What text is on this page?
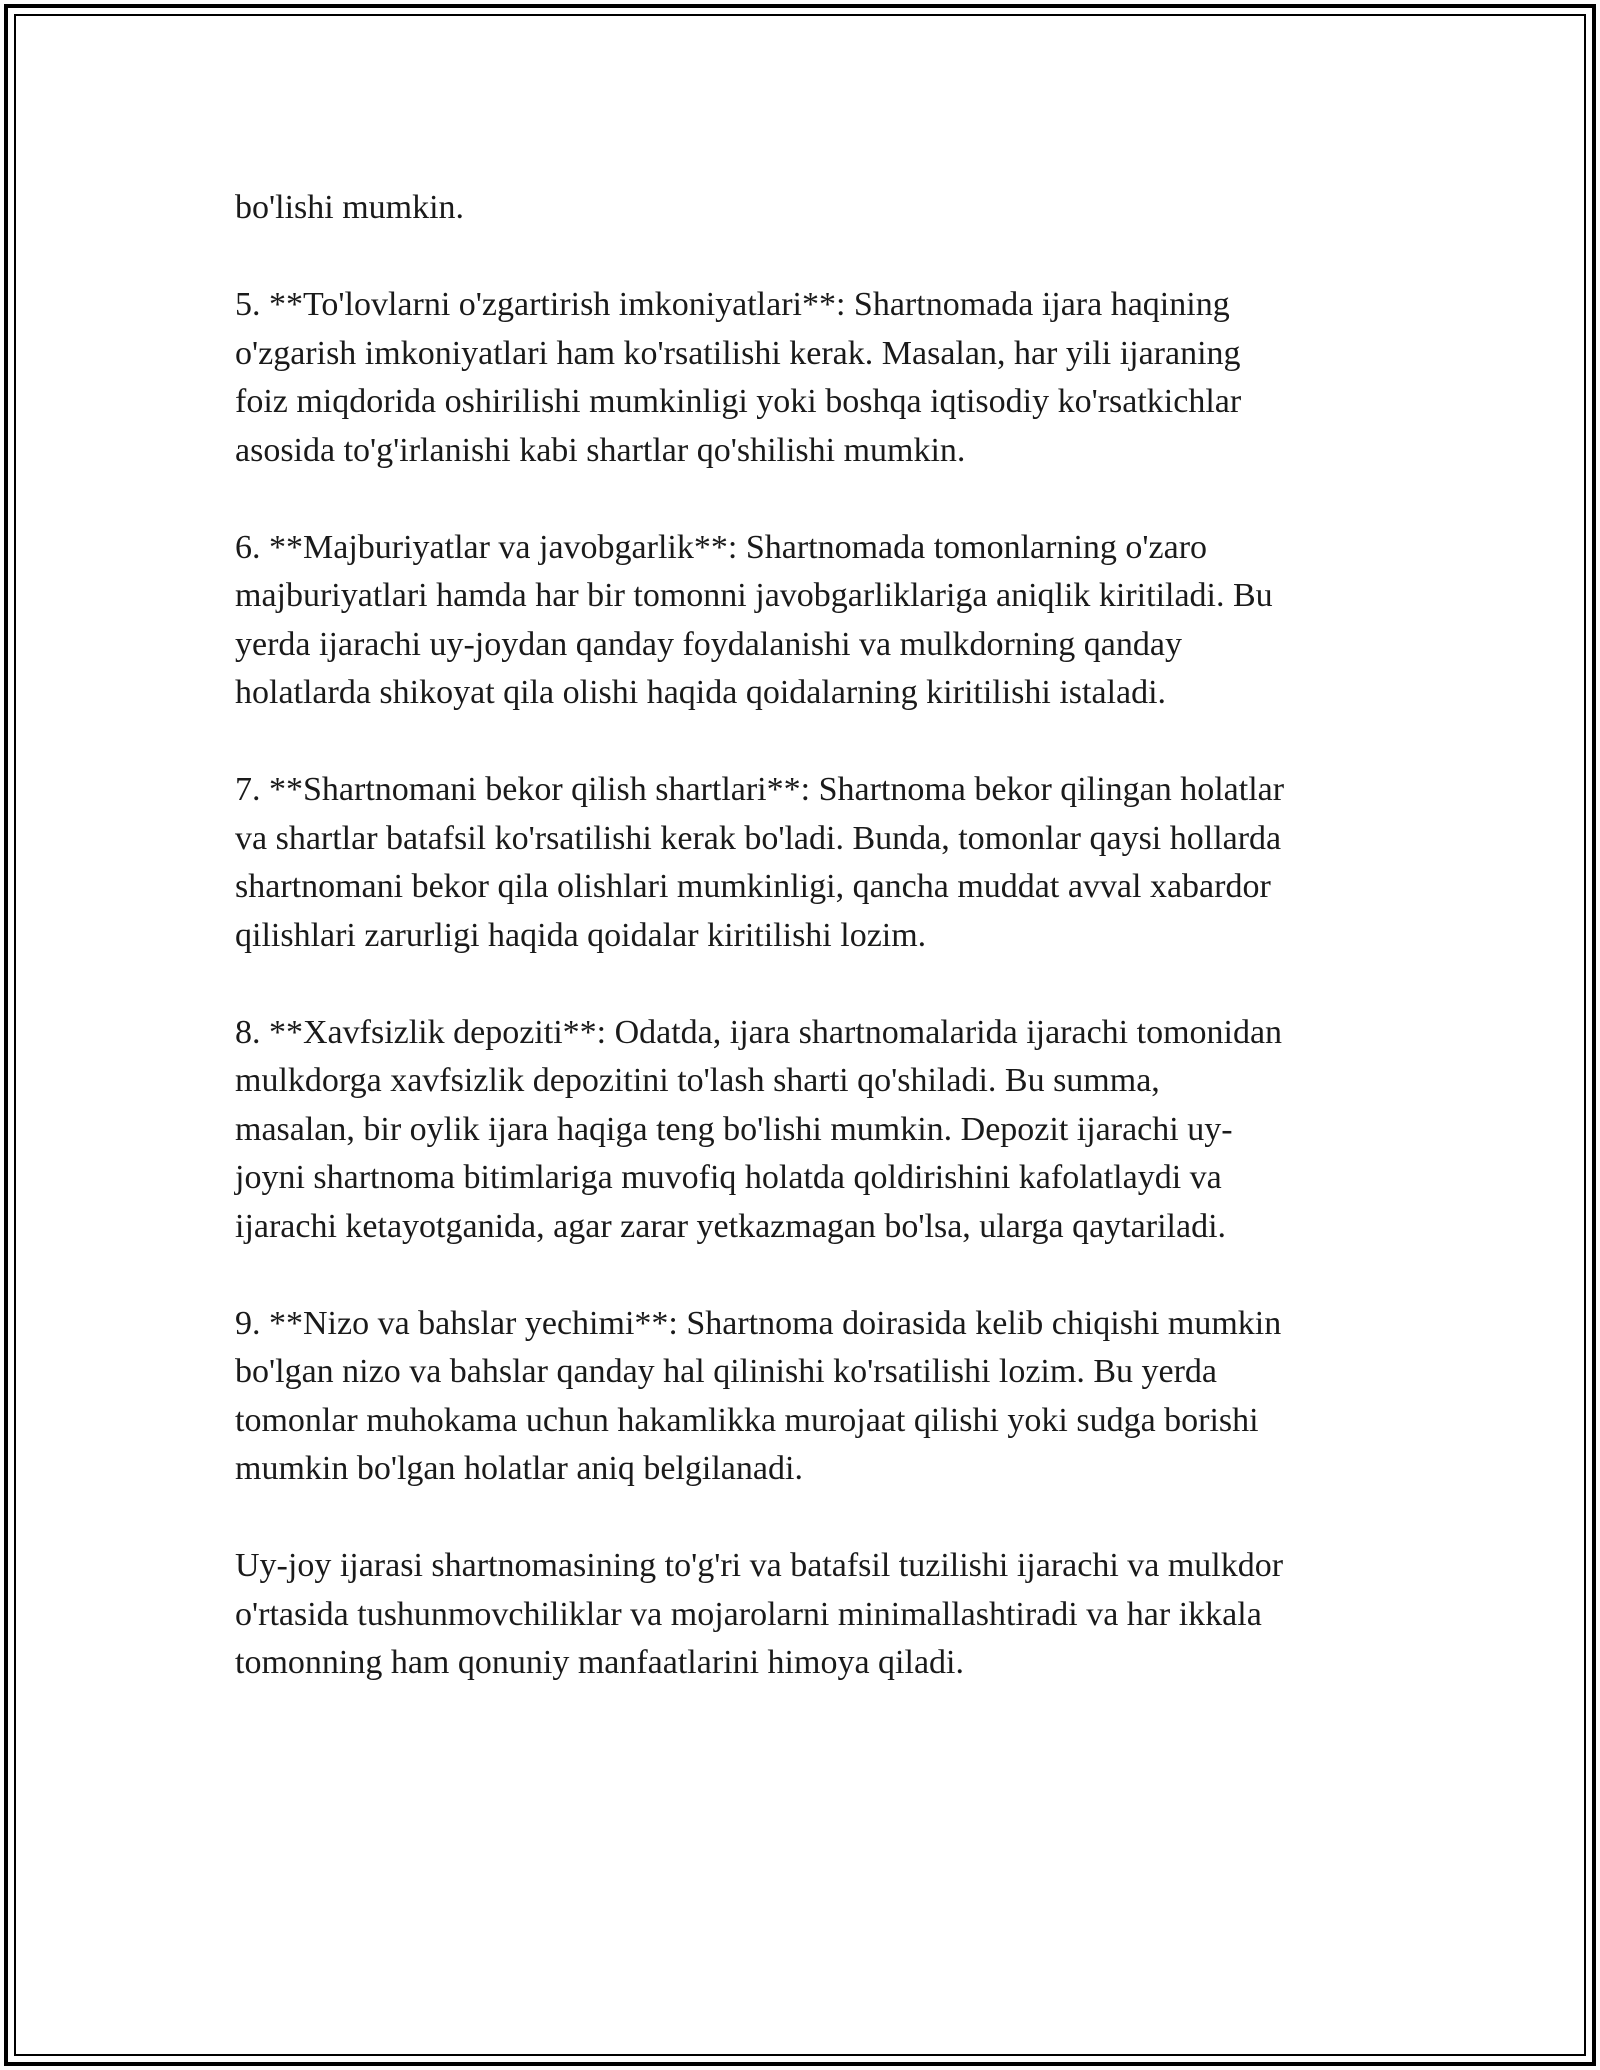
bo'lishi mumkin.

5. **To'lovlarni o'zgartirish imkoniyatlari**: Shartnomada ijara haqining
o'zgarish imkoniyatlari ham ko'rsatilishi kerak. Masalan, har yili ijaraning
foiz miqdorida oshirilishi mumkinligi yoki boshqa iqtisodiy ko'rsatkichlar
asosida to'g'irlanishi kabi shartlar qo'shilishi mumkin.

6. **Majburiyatlar va javobgarlik**: Shartnomada tomonlarning o'zaro
majburiyatlari hamda har bir tomonni javobgarliklariga aniqlik kiritiladi. Bu
yerda ijarachi uy-joydan qanday foydalanishi va mulkdorning qanday
holatlarda shikoyat qila olishi haqida qoidalarning kiritilishi istaladi.

7. **Shartnomani bekor qilish shartlari**: Shartnoma bekor qilingan holatlar
va shartlar batafsil ko'rsatilishi kerak bo'ladi. Bunda, tomonlar qaysi hollarda
shartnomani bekor qila olishlari mumkinligi, qancha muddat avval xabardor
qilishlari zarurligi haqida qoidalar kiritilishi lozim.

8. **Xavfsizlik depoziti**: Odatda, ijara shartnomalarida ijarachi tomonidan
mulkdorga xavfsizlik depozitini to'lash sharti qo'shiladi. Bu summa,
masalan, bir oylik ijara haqiga teng bo'lishi mumkin. Depozit ijarachi uy-
joyni shartnoma bitimlariga muvofiq holatda qoldirishini kafolatlaydi va
ijarachi ketayotganida, agar zarar yetkazmagan bo'lsa, ularga qaytariladi.

9. **Nizo va bahslar yechimi**: Shartnoma doirasida kelib chiqishi mumkin
bo'lgan nizo va bahslar qanday hal qilinishi ko'rsatilishi lozim. Bu yerda
tomonlar muhokama uchun hakamlikka murojaat qilishi yoki sudga borishi
mumkin bo'lgan holatlar aniq belgilanadi.

Uy-joy ijarasi shartnomasining to'g'ri va batafsil tuzilishi ijarachi va mulkdor
o'rtasida tushunmovchiliklar va mojarolarni minimallashtiradi va har ikkala
tomonning ham qonuniy manfaatlarini himoya qiladi.
